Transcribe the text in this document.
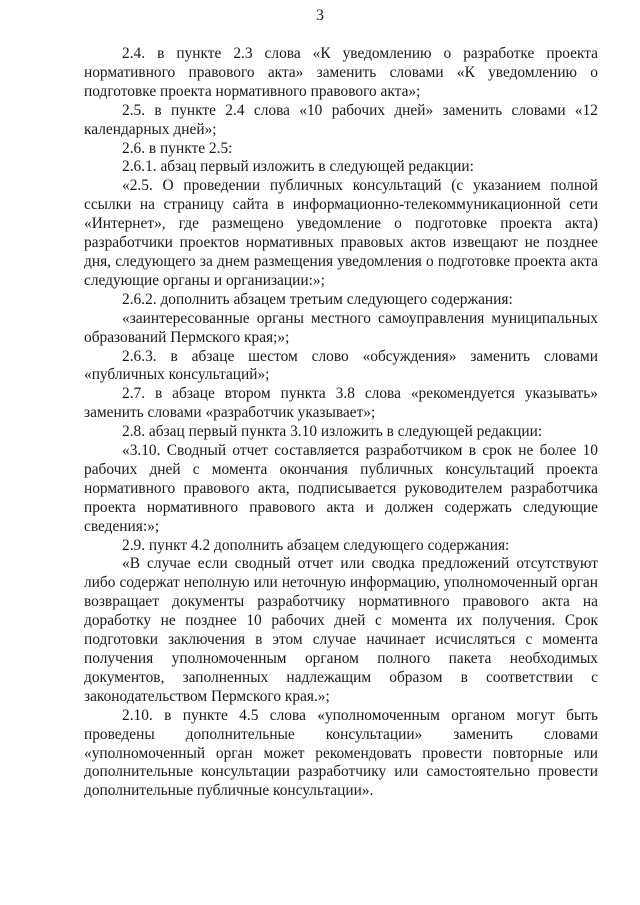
3

2.4. в пункте 2.3 слова «К уведомлению о разработке проекта нормативного правового акта» заменить словами «К уведомлению о подготовке проекта нормативного правового акта»;

2.5. в пункте 2.4 слова «10 рабочих дней» заменить словами «12 календарных дней»;

2.6. в пункте 2.5:

2.6.1. абзац первый изложить в следующей редакции:

«2.5. О проведении публичных консультаций (с указанием полной ссылки на страницу сайта в информационно-телекоммуникационной сети «Интернет», где размещено уведомление о подготовке проекта акта) разработчики проектов нормативных правовых актов извещают не позднее дня, следующего за днем размещения уведомления о подготовке проекта акта следующие органы и организации:»;

2.6.2. дополнить абзацем третьим следующего содержания:

«заинтересованные органы местного самоуправления муниципальных образований Пермского края;»;

2.6.3. в абзаце шестом слово «обсуждения» заменить словами «публичных консультаций»;

2.7. в абзаце втором пункта 3.8 слова «рекомендуется указывать» заменить словами «разработчик указывает»;

2.8. абзац первый пункта 3.10 изложить в следующей редакции:

«3.10. Сводный отчет составляется разработчиком в срок не более 10 рабочих дней с момента окончания публичных консультаций проекта нормативного правового акта, подписывается руководителем разработчика проекта нормативного правового акта и должен содержать следующие сведения:»;

2.9. пункт 4.2 дополнить абзацем следующего содержания:

«В случае если сводный отчет или сводка предложений отсутствуют либо содержат неполную или неточную информацию, уполномоченный орган возвращает документы разработчику нормативного правового акта на доработку не позднее 10 рабочих дней с момента их получения. Срок подготовки заключения в этом случае начинает исчисляться с момента получения уполномоченным органом полного пакета необходимых документов, заполненных надлежащим образом в соответствии с законодательством Пермского края.»;

2.10. в пункте 4.5 слова «уполномоченным органом могут быть проведены дополнительные консультации» заменить словами «уполномоченный орган может рекомендовать провести повторные или дополнительные консультации разработчику или самостоятельно провести дополнительные публичные консультации».
